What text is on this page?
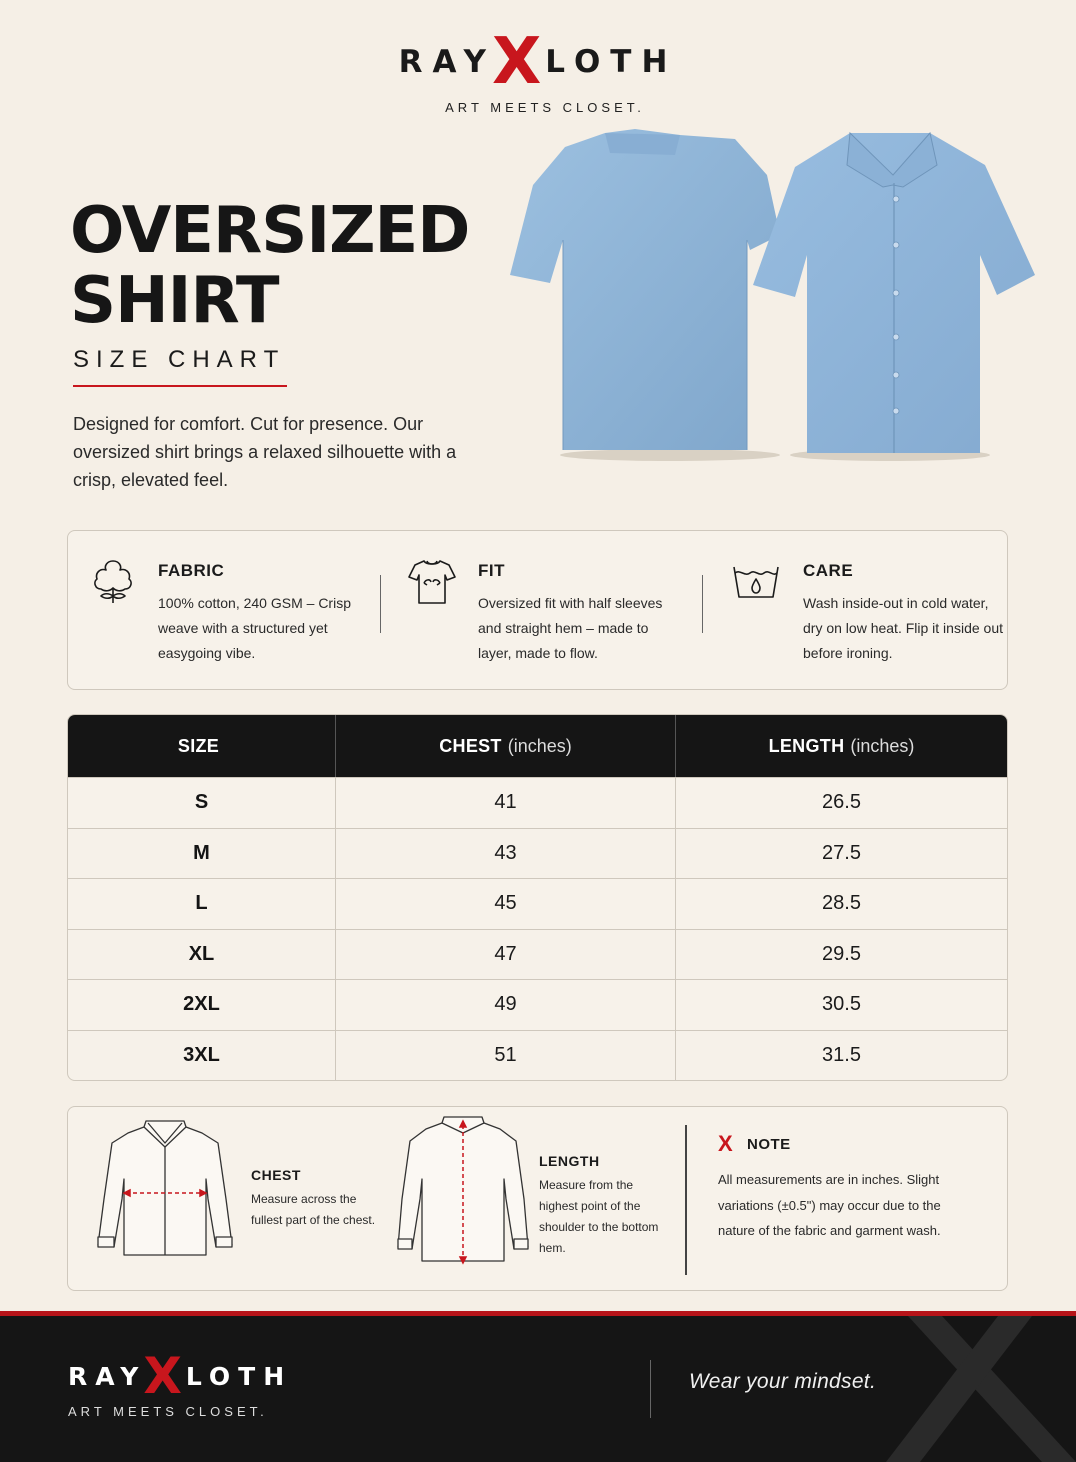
RAY
X LOTH
ART MEETS CLOSET.
OVERSIZED
SHIRT
SIZE CHART
Designed for comfort. Cut for presence. Our oversized shirt brings a relaxed silhouette with a crisp, elevated feel.
FABRIC
100% cotton, 240 GSM – Crisp weave with a structured yet easygoing vibe.
FIT
Oversized fit with half sleeves and straight hem – made to layer, made to flow.
CARE
Wash inside-out in cold water, dry on low heat. Flip it inside out before ironing.
SIZE	CHEST (inches)	LENGTH (inches)
S	41	26.5
M	43	27.5
L	45	28.5
XL	47	29.5
2XL	49	30.5
3XL	51	31.5
CHEST
Measure across the fullest part of the chest.
LENGTH
Measure from the highest point of the shoulder to the bottom hem.
X NOTE
All measurements are in inches. Slight variations (±0.5") may occur due to the nature of the fabric and garment wash.
RAY
X LOTH
ART MEETS CLOSET.
Wear your mindset.
